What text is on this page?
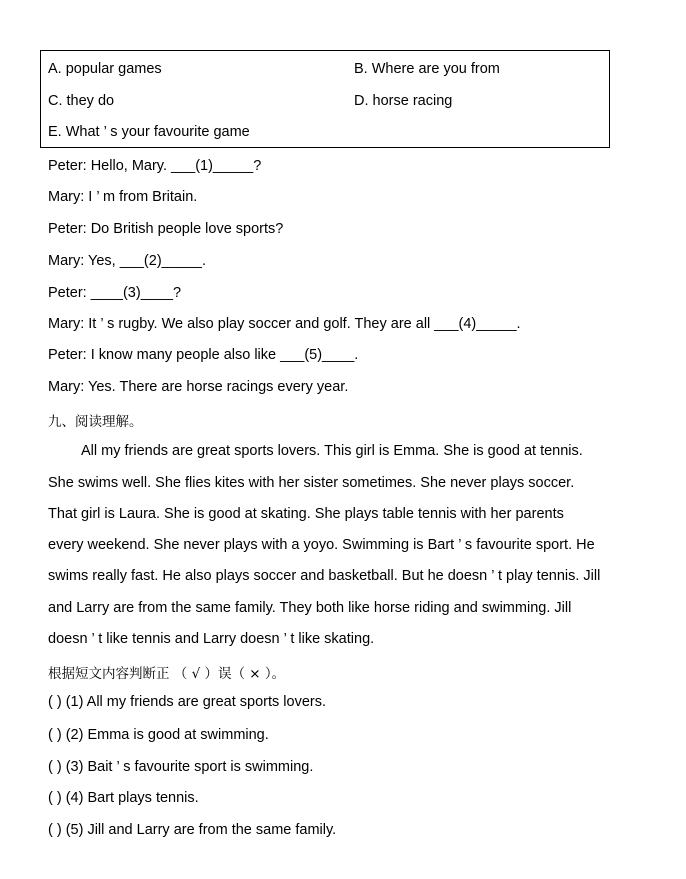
A. popular games	B. Where are you from
C. they do	D. horse racing
E. What ’ s your favourite game
Peter: Hello, Mary. ___(1)_____?
Mary: I ’ m from Britain.
Peter: Do British people love sports?
Mary: Yes, ___(2)_____.
Peter: ____(3)____?
Mary: It ’ s rugby. We also play soccer and golf. They are all ___(4)_____.
Peter: I know many people also like ___(5)____.
Mary: Yes. There are horse racings every year.
九、阅读理解。
All my friends are great sports lovers. This girl is Emma. She is good at tennis.
She swims well. She flies kites with her sister sometimes. She never plays soccer.
That girl is Laura. She is good at skating. She plays table tennis with her parents
every weekend. She never plays with a yoyo. Swimming is Bart ’ s favourite sport. He
swims really fast. He also plays soccer and basketball. But he doesn ’ t play tennis. Jill
and Larry are from the same family. They both like horse riding and swimming. Jill
doesn ’ t like tennis and Larry doesn ’ t like skating.
根据短文内容判断正 （ √ ）误（ × ）。
( ) (1) All my friends are great sports lovers.
( ) (2) Emma is good at swimming.
( ) (3) Bait ’ s favourite sport is swimming.
( ) (4) Bart plays tennis.
( ) (5) Jill and Larry are from the same family.
